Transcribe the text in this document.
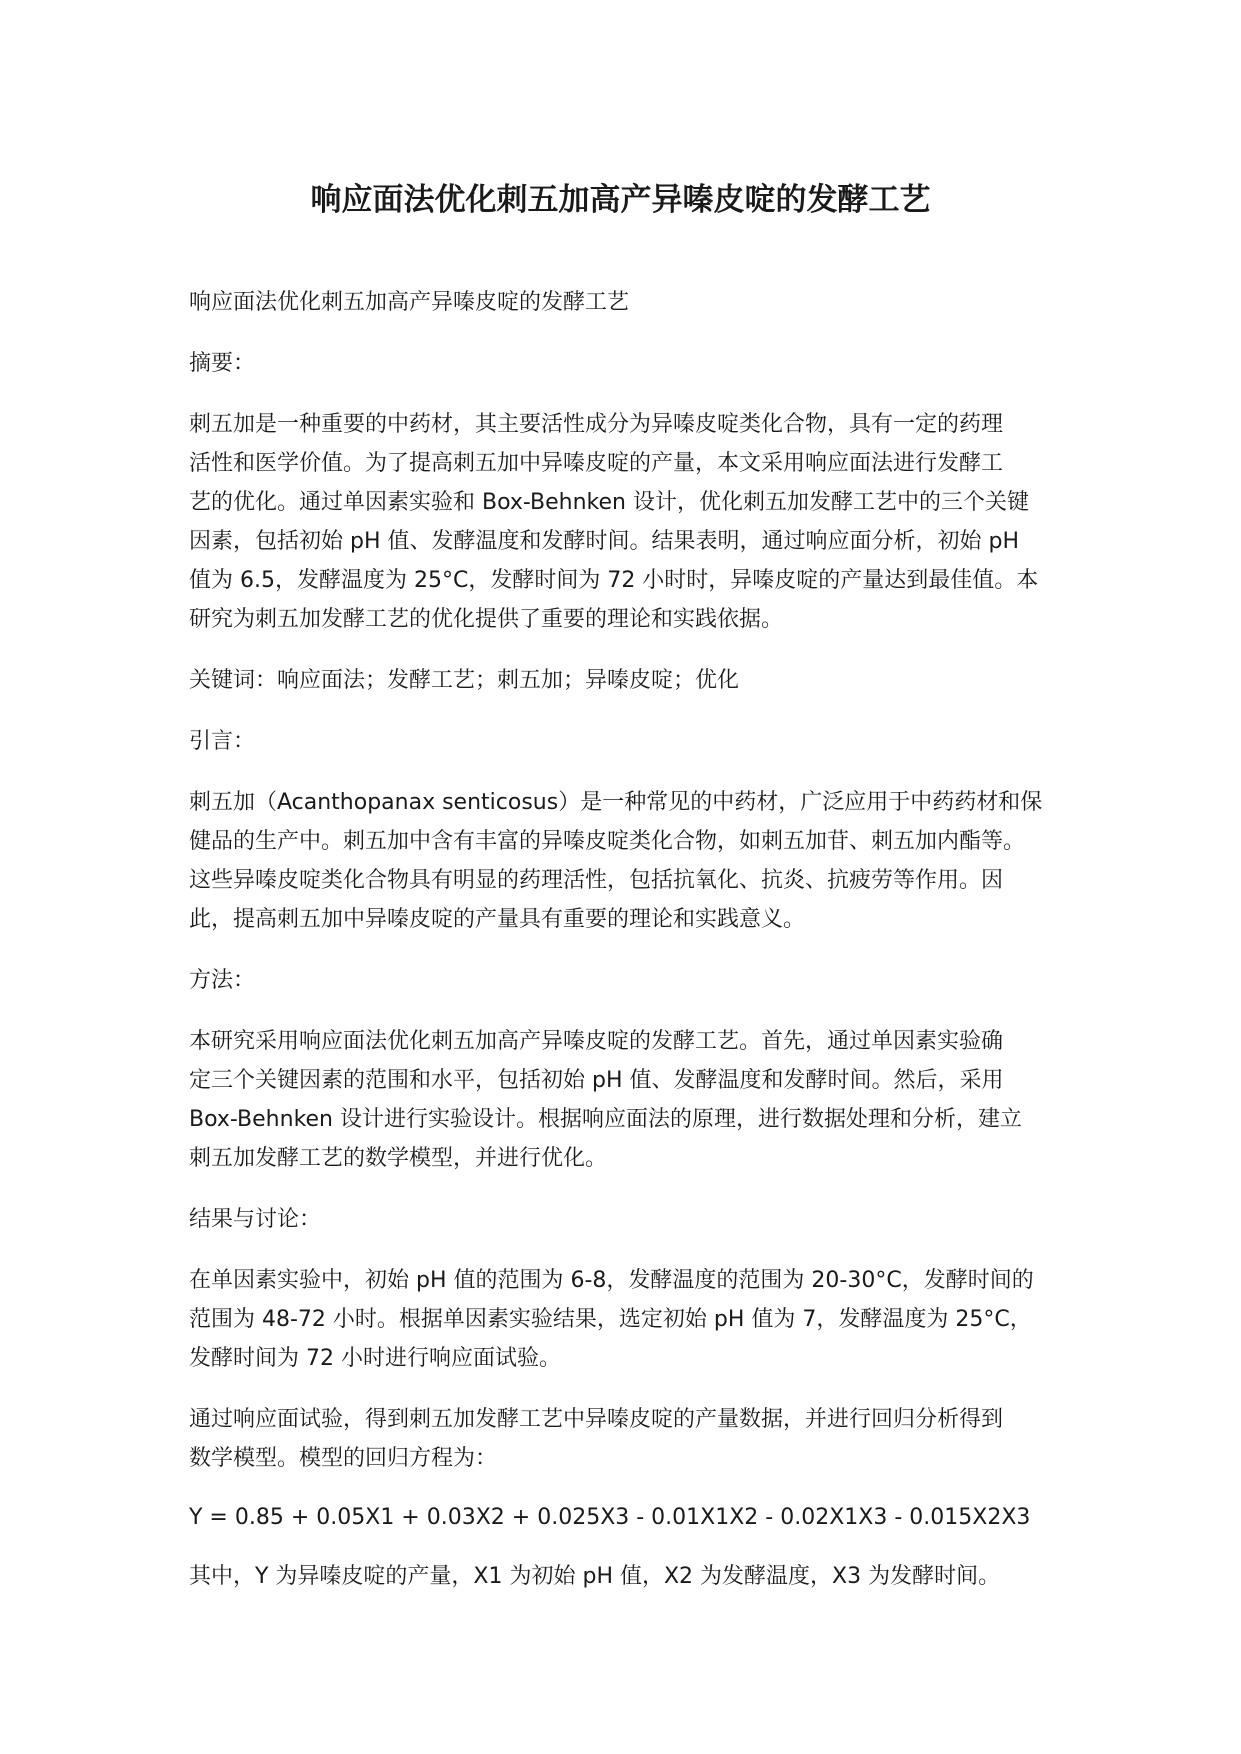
响应面法优化刺五加高产异嗪皮啶的发酵工艺

响应面法优化刺五加高产异嗪皮啶的发酵工艺

摘要：

刺五加是一种重要的中药材，其主要活性成分为异嗪皮啶类化合物，具有一定的药理
活性和医学价值。为了提高刺五加中异嗪皮啶的产量，本文采用响应面法进行发酵工
艺的优化。通过单因素实验和 Box-Behnken 设计，优化刺五加发酵工艺中的三个关键
因素，包括初始 pH 值、发酵温度和发酵时间。结果表明，通过响应面分析，初始 pH
值为 6.5，发酵温度为 25°C，发酵时间为 72 小时时，异嗪皮啶的产量达到最佳值。本
研究为刺五加发酵工艺的优化提供了重要的理论和实践依据。

关键词：响应面法；发酵工艺；刺五加；异嗪皮啶；优化

引言：

刺五加（Acanthopanax senticosus）是一种常见的中药材，广泛应用于中药药材和保
健品的生产中。刺五加中含有丰富的异嗪皮啶类化合物，如刺五加苷、刺五加内酯等。
这些异嗪皮啶类化合物具有明显的药理活性，包括抗氧化、抗炎、抗疲劳等作用。因
此，提高刺五加中异嗪皮啶的产量具有重要的理论和实践意义。

方法：

本研究采用响应面法优化刺五加高产异嗪皮啶的发酵工艺。首先，通过单因素实验确
定三个关键因素的范围和水平，包括初始 pH 值、发酵温度和发酵时间。然后，采用
Box-Behnken 设计进行实验设计。根据响应面法的原理，进行数据处理和分析，建立
刺五加发酵工艺的数学模型，并进行优化。

结果与讨论：

在单因素实验中，初始 pH 值的范围为 6-8，发酵温度的范围为 20-30°C，发酵时间的
范围为 48-72 小时。根据单因素实验结果，选定初始 pH 值为 7，发酵温度为 25°C，
发酵时间为 72 小时进行响应面试验。

通过响应面试验，得到刺五加发酵工艺中异嗪皮啶的产量数据，并进行回归分析得到
数学模型。模型的回归方程为：

Y = 0.85 + 0.05X1 + 0.03X2 + 0.025X3 - 0.01X1X2 - 0.02X1X3 - 0.015X2X3

其中，Y 为异嗪皮啶的产量，X1 为初始 pH 值，X2 为发酵温度，X3 为发酵时间。
